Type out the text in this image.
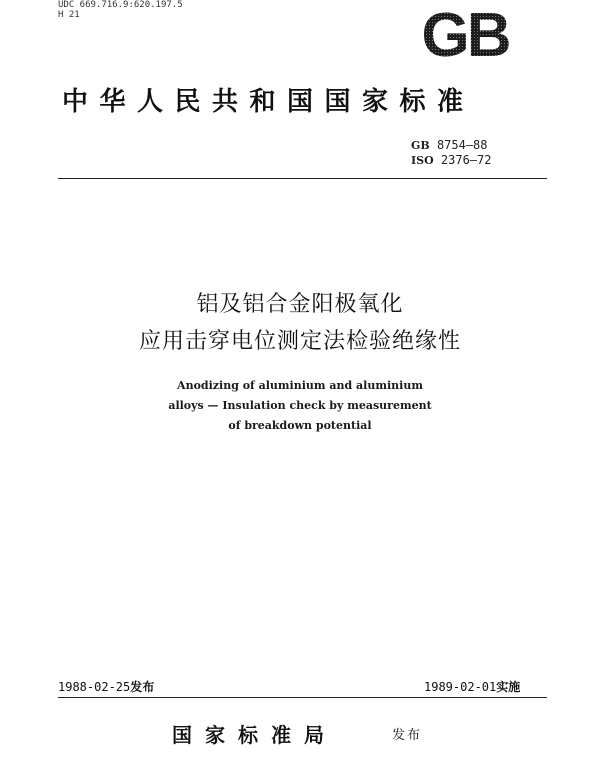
UDC 669.716.9:620.197.5
H 21	GB
中华人民共和国国家标准
GB 8754—88
ISO 2376—72
铝及铝合金阳极氧化
应用击穿电位测定法检验绝缘性
Anodizing of aluminium and aluminium
alloys — Insulation check by measurement
of breakdown potential
1988-02-25发布	1989-02-01实施
国家标准局	发布
